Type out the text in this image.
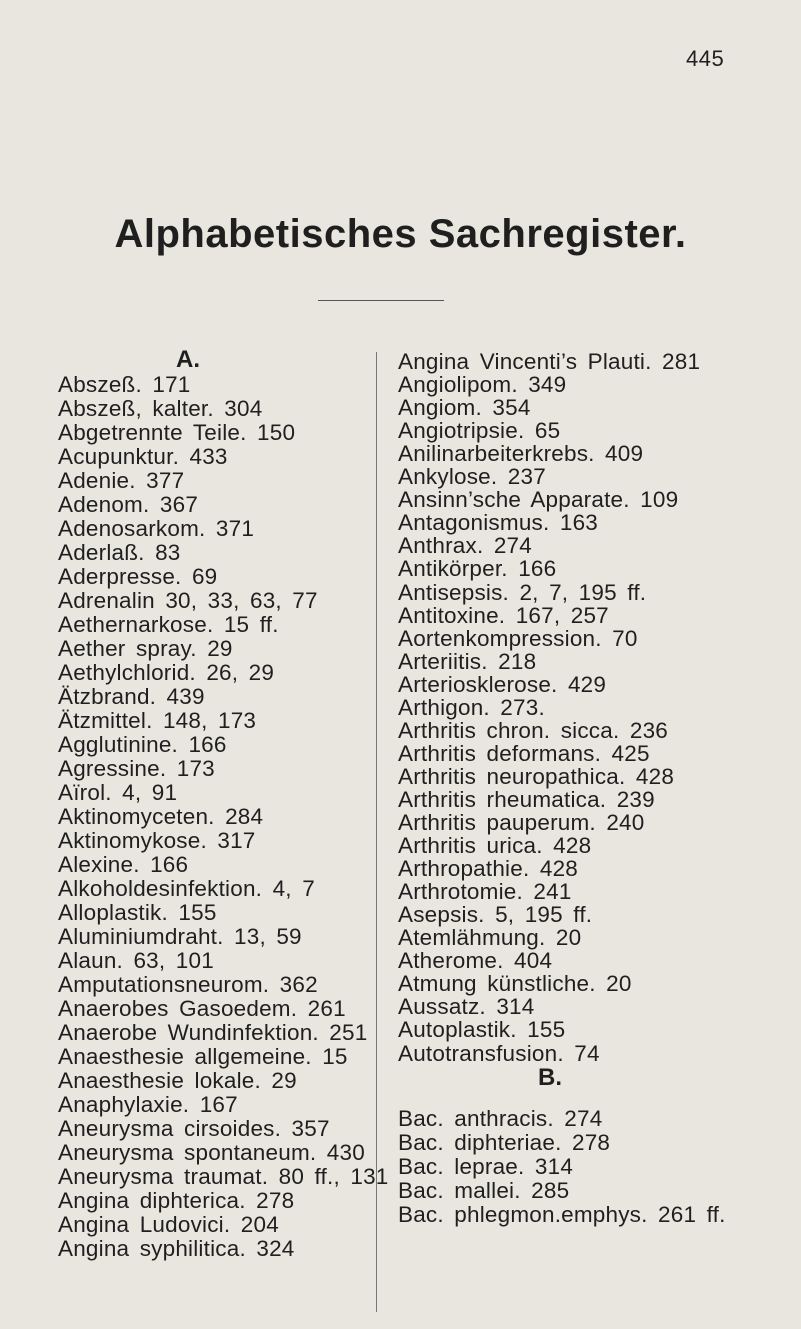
445
Alphabetisches Sachregister.
A.
Abszeß. 171
Abszeß, kalter. 304
Abgetrennte Teile. 150
Acupunktur. 433
Adenie. 377
Adenom. 367
Adenosarkom. 371
Aderlaß. 83
Aderpresse. 69
Adrenalin 30, 33, 63, 77
Aethernarkose. 15 ff.
Aether spray. 29
Aethylchlorid. 26, 29
Ätzbrand. 439
Ätzmittel. 148, 173
Agglutinine. 166
Agressine. 173
Aïrol. 4, 91
Aktinomyceten. 284
Aktinomykose. 317
Alexine. 166
Alkoholdesinfektion. 4, 7
Alloplastik. 155
Aluminiumdraht. 13, 59
Alaun. 63, 101
Amputationsneurom. 362
Anaerobes Gasoedem. 261
Anaerobe Wundinfektion. 251
Anaesthesie allgemeine. 15
Anaesthesie lokale. 29
Anaphylaxie. 167
Aneurysma cirsoides. 357
Aneurysma spontaneum. 430
Aneurysma traumat. 80 ff., 131
Angina diphterica. 278
Angina Ludovici. 204
Angina syphilitica. 324
B.
Angina Vincenti’s Plauti. 281
Angiolipom. 349
Angiom. 354
Angiotripsie. 65
Anilinarbeiterkrebs. 409
Ankylose. 237
Ansinn’sche Apparate. 109
Antagonismus. 163
Anthrax. 274
Antikörper. 166
Antisepsis. 2, 7, 195 ff.
Antitoxine. 167, 257
Aortenkompression. 70
Arteriitis. 218
Arteriosklerose. 429
Arthigon. 273.
Arthritis chron. sicca. 236
Arthritis deformans. 425
Arthritis neuropathica. 428
Arthritis rheumatica. 239
Arthritis pauperum. 240
Arthritis urica. 428
Arthropathie. 428
Arthrotomie. 241
Asepsis. 5, 195 ff.
Atemlähmung. 20
Atherome. 404
Atmung künstliche. 20
Aussatz. 314
Autoplastik. 155
Autotransfusion. 74
Bac. anthracis. 274
Bac. diphteriae. 278
Bac. leprae. 314
Bac. mallei. 285
Bac. phlegmon.emphys. 261 ff.
